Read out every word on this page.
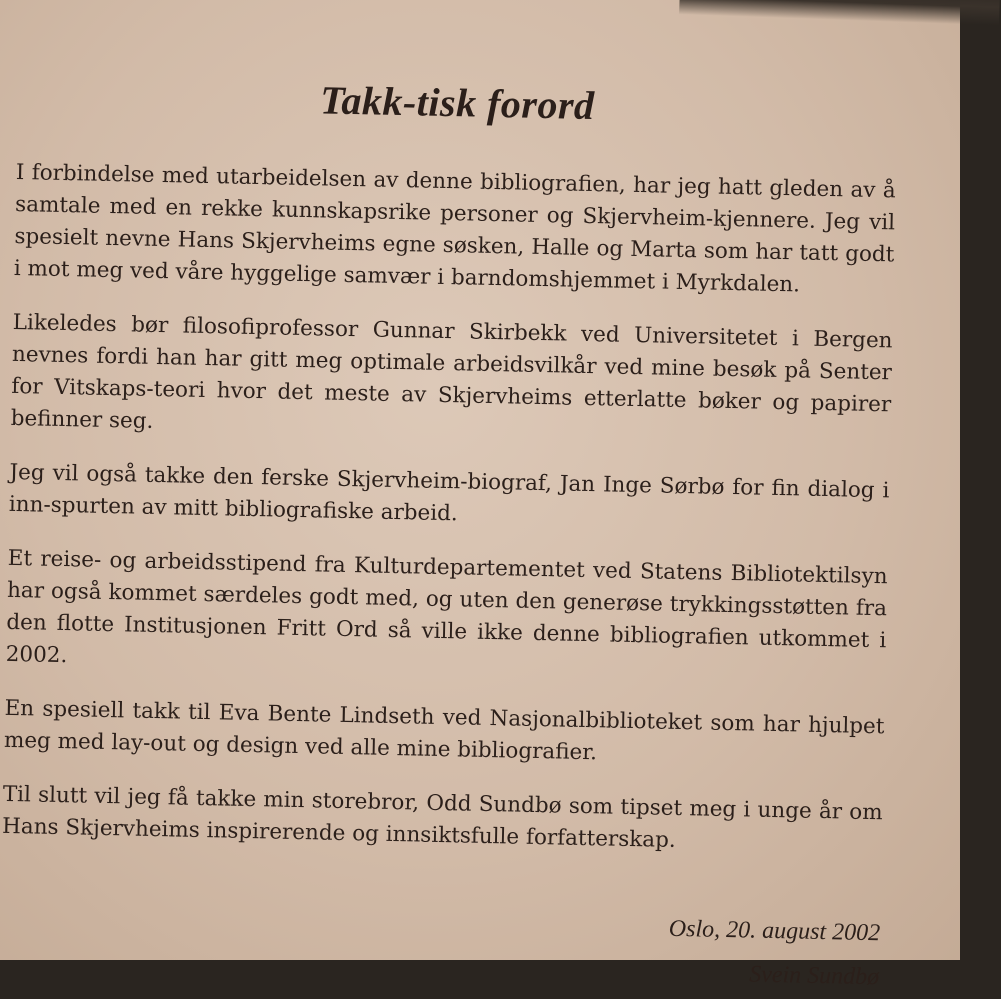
Takk-tisk forord

I forbindelse med utarbeidelsen av denne bibliografien, har jeg hatt gleden av å samtale med en rekke kunnskapsrike personer og Skjervheim-kjennere. Jeg vil spesielt nevne Hans Skjervheims egne søsken, Halle og Marta som har tatt godt i mot meg ved våre hyggelige samvær i barndomshjemmet i Myrkdalen.

Likeledes bør filosofiprofessor Gunnar Skirbekk ved Universitetet i Bergen nevnes fordi han har gitt meg optimale arbeidsvilkår ved mine besøk på Senter for Vitskaps-teori hvor det meste av Skjervheims etterlatte bøker og papirer befinner seg.

Jeg vil også takke den ferske Skjervheim-biograf, Jan Inge Sørbø for fin dialog i inn-spurten av mitt bibliografiske arbeid.

Et reise- og arbeidsstipend fra Kulturdepartementet ved Statens Bibliotektilsyn har også kommet særdeles godt med, og uten den generøse trykkingsstøtten fra den flotte Institusjonen Fritt Ord så ville ikke denne bibliografien utkommet i 2002.

En spesiell takk til Eva Bente Lindseth ved Nasjonalbiblioteket som har hjulpet meg med lay-out og design ved alle mine bibliografier.

Til slutt vil jeg få takke min storebror, Odd Sundbø som tipset meg i unge år om Hans Skjervheims inspirerende og innsiktsfulle forfatterskap.

Oslo, 20. august 2002
Svein Sundbø
